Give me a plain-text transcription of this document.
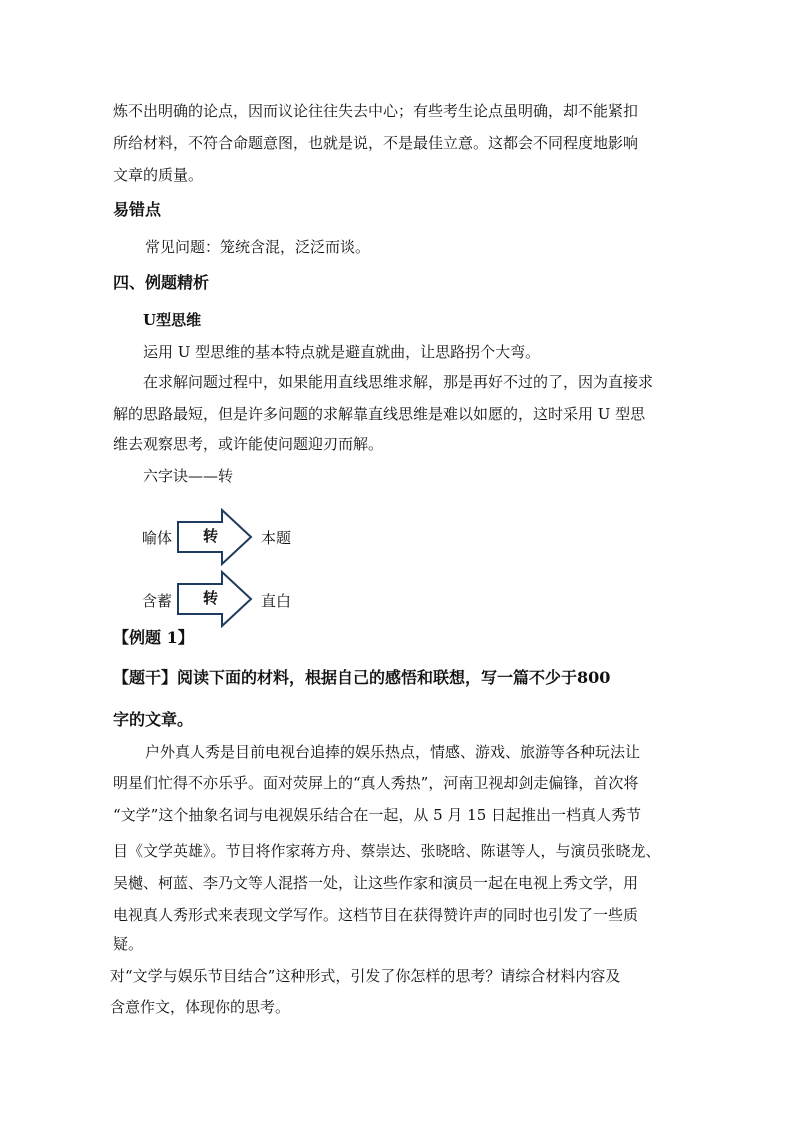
炼不出明确的论点，因而议论往往失去中心；有些考生论点虽明确，却不能紧扣
所给材料，不符合命题意图，也就是说，不是最佳立意。这都会不同程度地影响
文章的质量。
易错点
常见问题：笼统含混，泛泛而谈。
四、例题精析
U型思维
运用 U 型思维的基本特点就是避直就曲，让思路拐个大弯。
在求解问题过程中，如果能用直线思维求解，那是再好不过的了，因为直接求
解的思路最短，但是许多问题的求解靠直线思维是难以如愿的，这时采用 U 型思
维去观察思考，或许能使问题迎刃而解。
六字诀——转
喻体 转	本题
含蓄 转	直白
【例题 1】
【题干】阅读下面的材料，根据自己的感悟和联想，写一篇不少于800
字的文章。
户外真人秀是目前电视台追捧的娱乐热点，情感、游戏、旅游等各种玩法让
明星们忙得不亦乐乎。面对荧屏上的“真人秀热”，河南卫视却剑走偏锋，首次将
“文学”这个抽象名词与电视娱乐结合在一起，从 5 月 15 日起推出一档真人秀节
目《文学英雄》。节目将作家蒋方舟、蔡崇达、张晓晗、陈谌等人，与演员张晓龙、
吴樾、柯蓝、李乃文等人混搭一处，让这些作家和演员一起在电视上秀文学，用
电视真人秀形式来表现文学写作。这档节目在获得赞许声的同时也引发了一些质
疑。
对“文学与娱乐节目结合”这种形式，引发了你怎样的思考？请综合材料内容及
含意作文，体现你的思考。
